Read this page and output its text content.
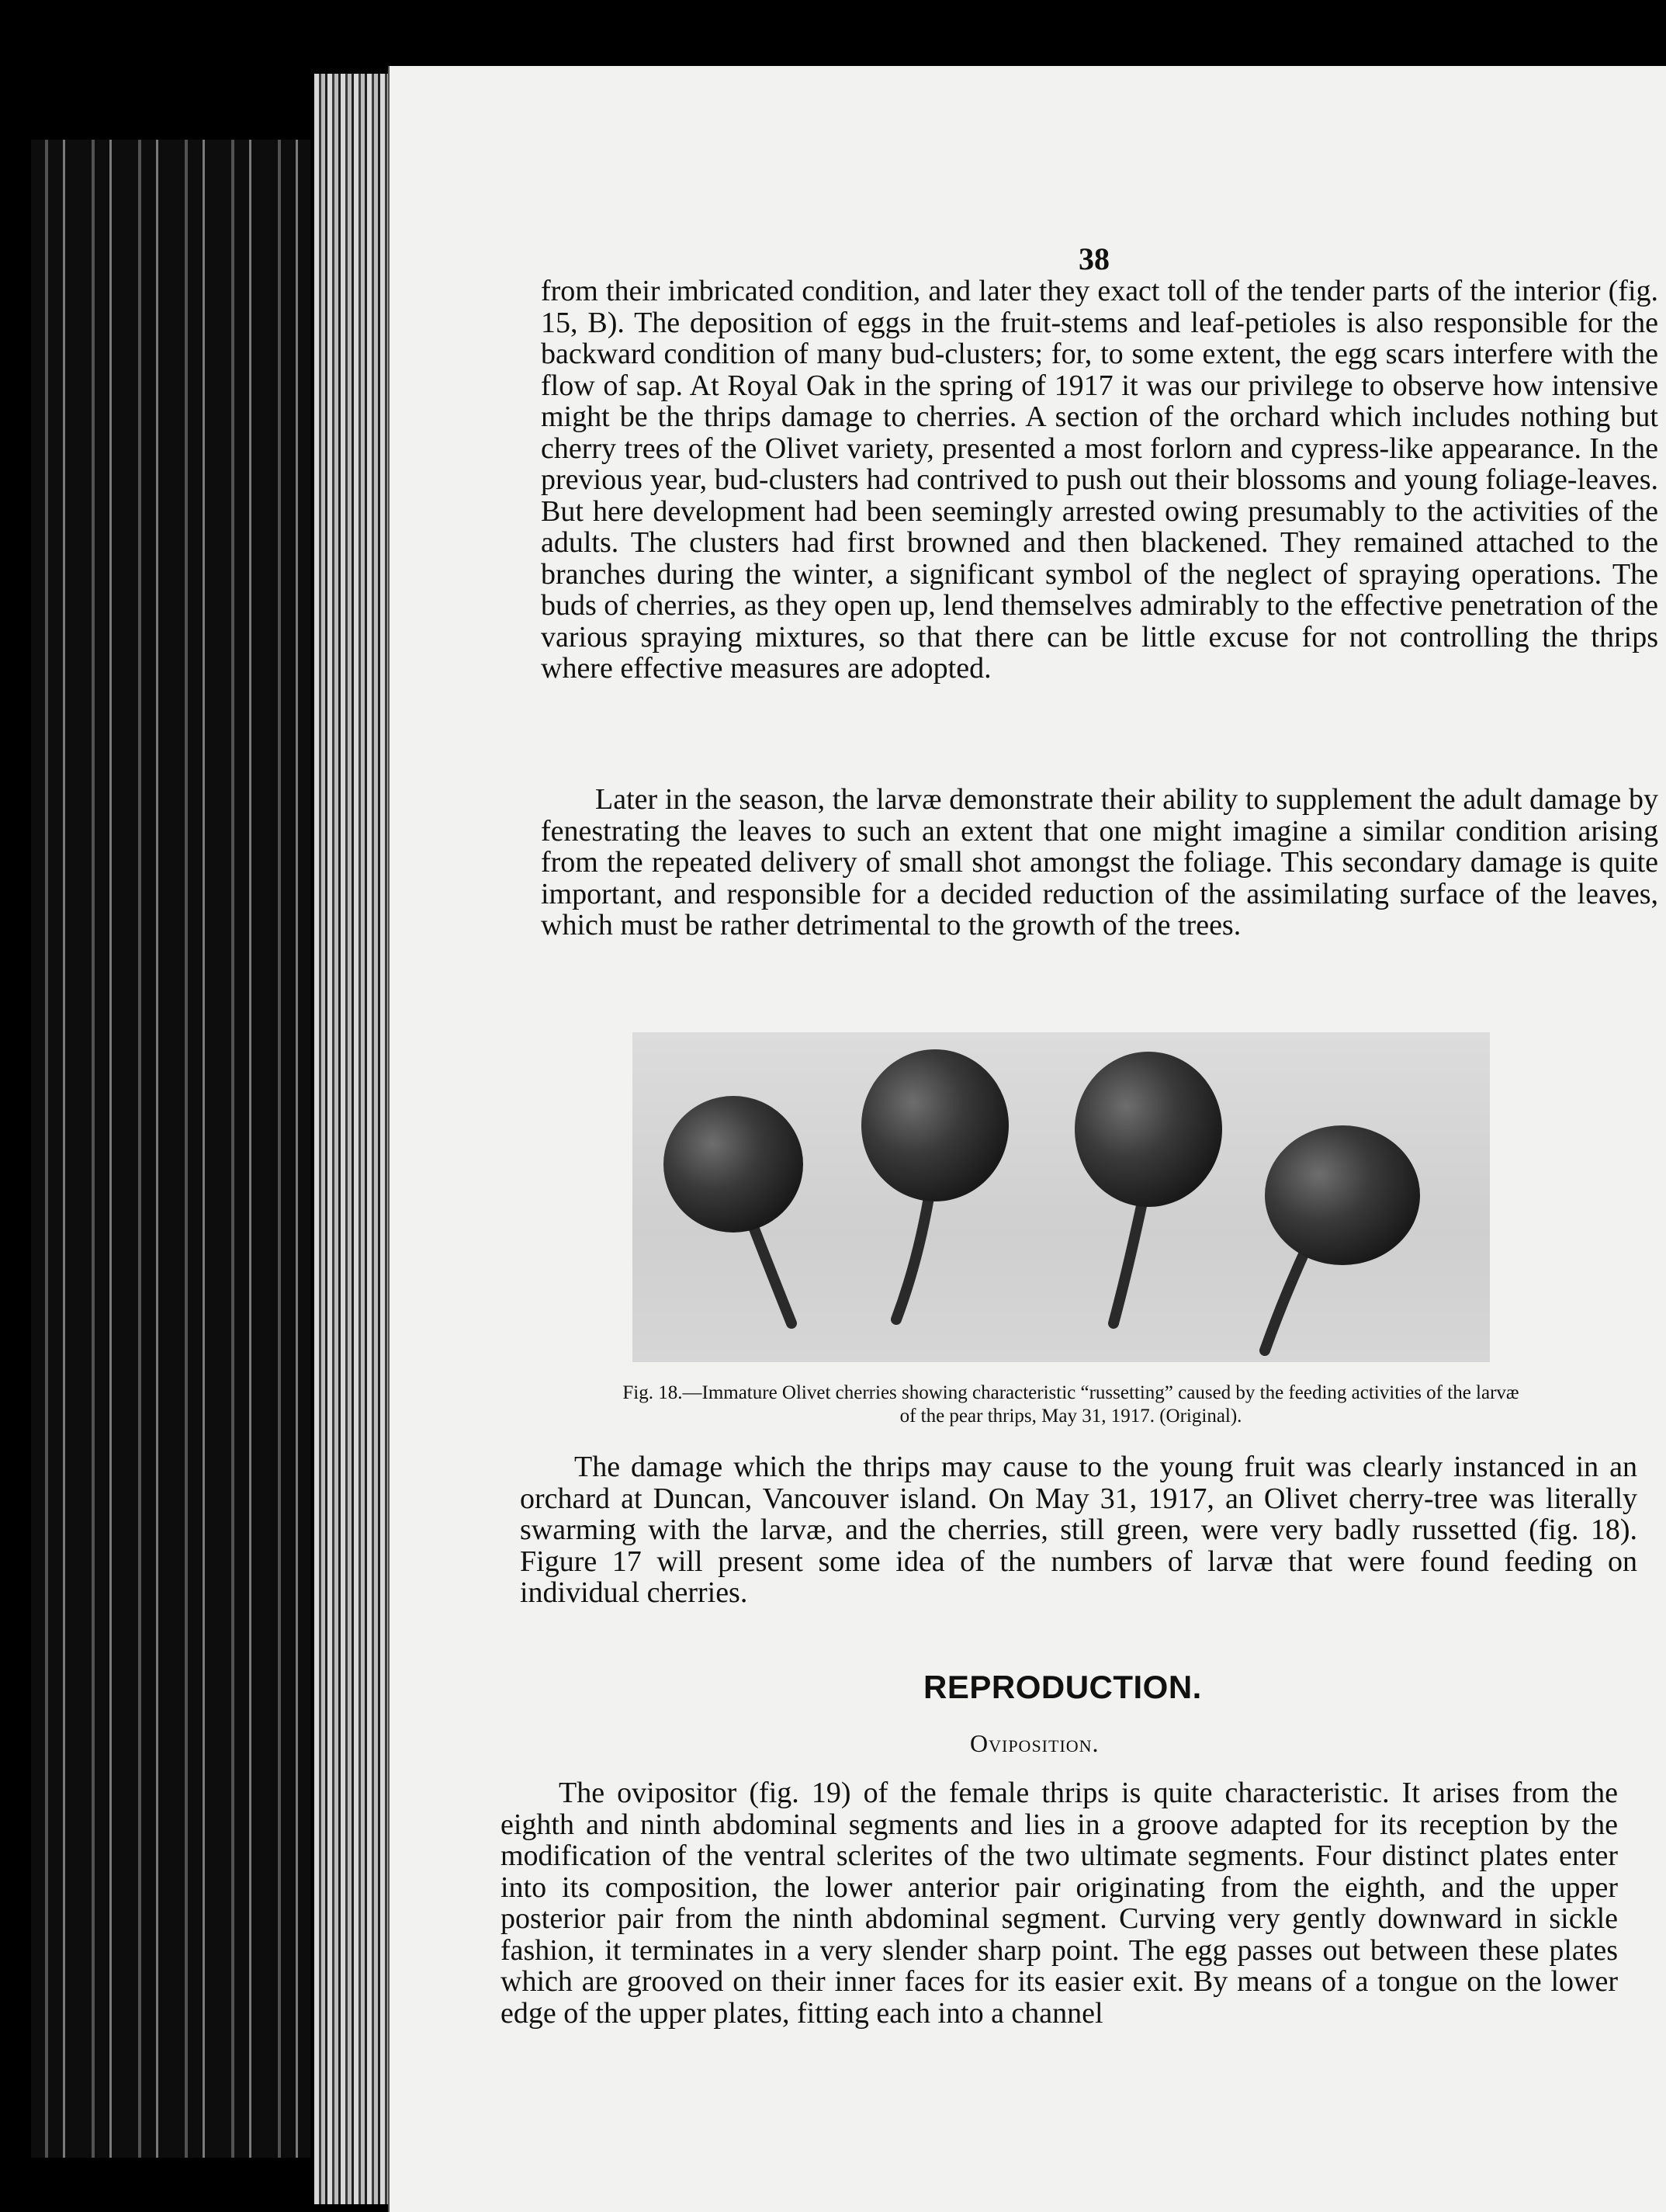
38

from their imbricated condition, and later they exact toll of the tender parts of the interior (fig. 15, B). The deposition of eggs in the fruit-stems and leaf-petioles is also responsible for the backward condition of many bud-clusters; for, to some extent, the egg scars interfere with the flow of sap. At Royal Oak in the spring of 1917 it was our privilege to observe how intensive might be the thrips damage to cherries. A section of the orchard which includes nothing but cherry trees of the Olivet variety, presented a most forlorn and cypress-like appearance. In the previous year, bud-clusters had contrived to push out their blossoms and young foliage-leaves. But here development had been seemingly arrested owing presumably to the activities of the adults. The clusters had first browned and then blackened. They remained attached to the branches during the winter, a significant symbol of the neglect of spraying operations. The buds of cherries, as they open up, lend themselves admirably to the effective penetration of the various spraying mixtures, so that there can be little excuse for not controlling the thrips where effective measures are adopted.

Later in the season, the larvæ demonstrate their ability to supplement the adult damage by fenestrating the leaves to such an extent that one might imagine a similar condition arising from the repeated delivery of small shot amongst the foliage. This secondary damage is quite important, and responsible for a decided reduction of the assimilating surface of the leaves, which must be rather detrimental to the growth of the trees.

Fig. 18.—Immature Olivet cherries showing characteristic “russetting” caused by the feeding activities of the larvæ of the pear thrips, May 31, 1917. (Original).

The damage which the thrips may cause to the young fruit was clearly instanced in an orchard at Duncan, Vancouver island. On May 31, 1917, an Olivet cherry-tree was literally swarming with the larvæ, and the cherries, still green, were very badly russetted (fig. 18). Figure 17 will present some idea of the numbers of larvæ that were found feeding on individual cherries.

REPRODUCTION.
Oviposition.

The ovipositor (fig. 19) of the female thrips is quite characteristic. It arises from the eighth and ninth abdominal segments and lies in a groove adapted for its reception by the modification of the ventral sclerites of the two ultimate segments. Four distinct plates enter into its composition, the lower anterior pair originating from the eighth, and the upper posterior pair from the ninth abdominal segment. Curving very gently downward in sickle fashion, it terminates in a very slender sharp point. The egg passes out between these plates which are grooved on their inner faces for its easier exit. By means of a tongue on the lower edge of the upper plates, fitting each into a channel
